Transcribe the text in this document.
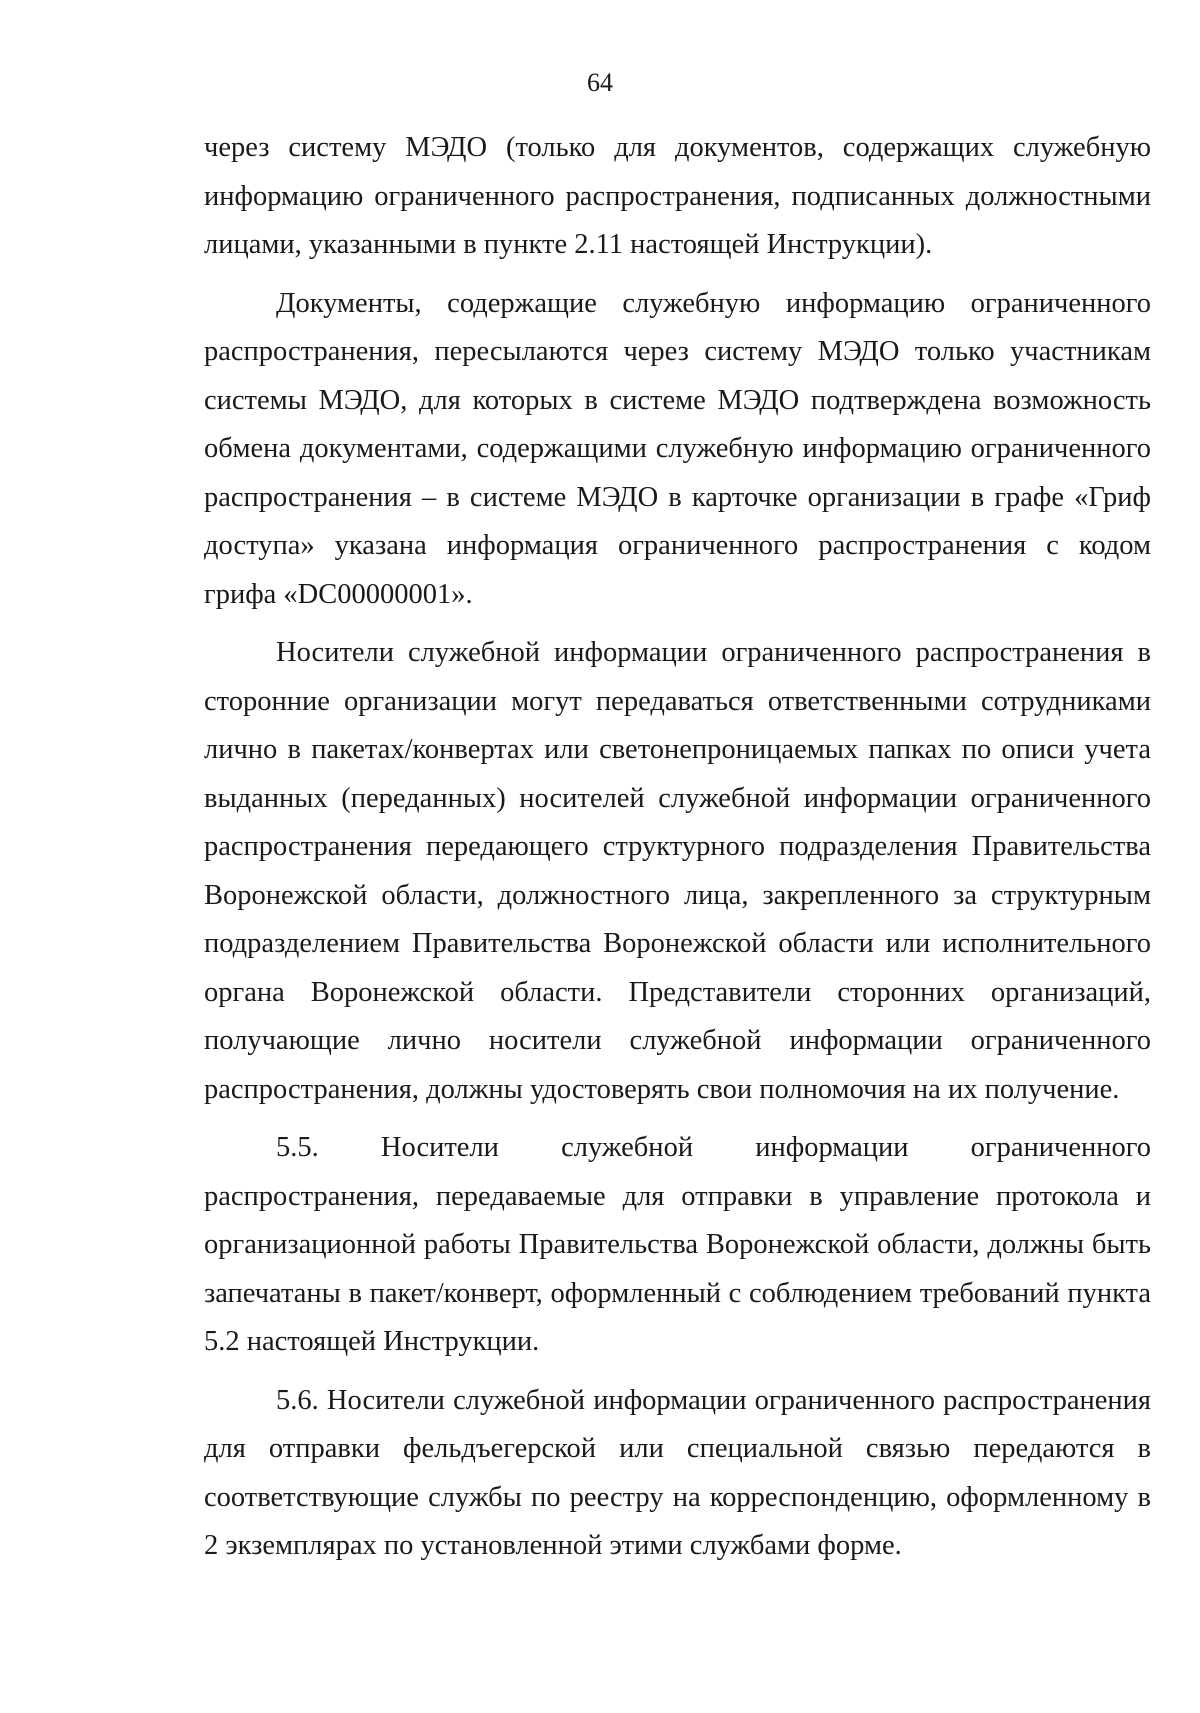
64

через систему МЭДО (только для документов, содержащих служебную информацию ограниченного распространения, подписанных должностными лицами, указанными в пункте 2.11 настоящей Инструкции).

Документы, содержащие служебную информацию ограниченного распространения, пересылаются через систему МЭДО только участникам системы МЭДО, для которых в системе МЭДО подтверждена возможность обмена документами, содержащими служебную информацию ограниченного распространения – в системе МЭДО в карточке организации в графе «Гриф доступа» указана информация ограниченного распространения с кодом грифа «DC00000001».

Носители служебной информации ограниченного распространения в сторонние организации могут передаваться ответственными сотрудниками лично в пакетах/конвертах или светонепроницаемых папках по описи учета выданных (переданных) носителей служебной информации ограниченного распространения передающего структурного подразделения Правительства Воронежской области, должностного лица, закрепленного за структурным подразделением Правительства Воронежской области или исполнительного органа Воронежской области. Представители сторонних организаций, получающие лично носители служебной информации ограниченного распространения, должны удостоверять свои полномочия на их получение.

5.5. Носители служебной информации ограниченного распространения, передаваемые для отправки в управление протокола и организационной работы Правительства Воронежской области, должны быть запечатаны в пакет/конверт, оформленный с соблюдением требований пункта 5.2 настоящей Инструкции.

5.6. Носители служебной информации ограниченного распространения для отправки фельдъегерской или специальной связью передаются в соответствующие службы по реестру на корреспонденцию, оформленному в 2 экземплярах по установленной этими службами форме.
